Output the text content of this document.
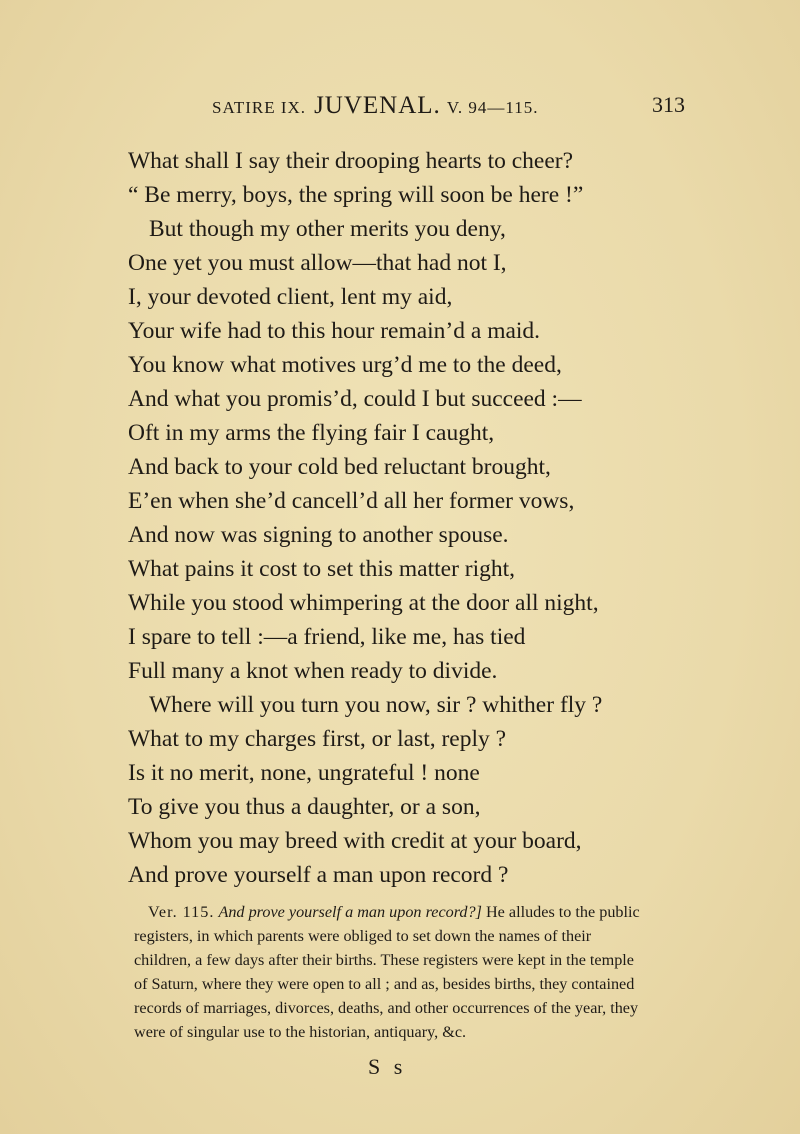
SATIRE IX. JUVENAL. V. 94—115.	313
What shall I say their drooping hearts to cheer?
“ Be merry, boys, the spring will soon be here !”
But though my other merits you deny,
One yet you must allow—that had not I,
I, your devoted client, lent my aid,
Your wife had to this hour remain’d a maid.
You know what motives urg’d me to the deed,
And what you promis’d, could I but succeed :—
Oft in my arms the flying fair I caught,
And back to your cold bed reluctant brought,
E’en when she’d cancell’d all her former vows,
And now was signing to another spouse.
What pains it cost to set this matter right,
While you stood whimpering at the door all night,
I spare to tell :—a friend, like me, has tied
Full many a knot when ready to divide.
Where will you turn you now, sir ? whither fly ?
What to my charges first, or last, reply ?
Is it no merit, none, ungrateful ! none
To give you thus a daughter, or a son,
Whom you may breed with credit at your board,
And prove yourself a man upon record ?
Ver. 115. And prove yourself a man upon record?] He alludes to the public
registers, in which parents were obliged to set down the names of their
children, a few days after their births. These registers were kept in the temple
of Saturn, where they were open to all ; and as, besides births, they contained
records of marriages, divorces, deaths, and other occurrences of the year, they
were of singular use to the historian, antiquary, &c.
S s
